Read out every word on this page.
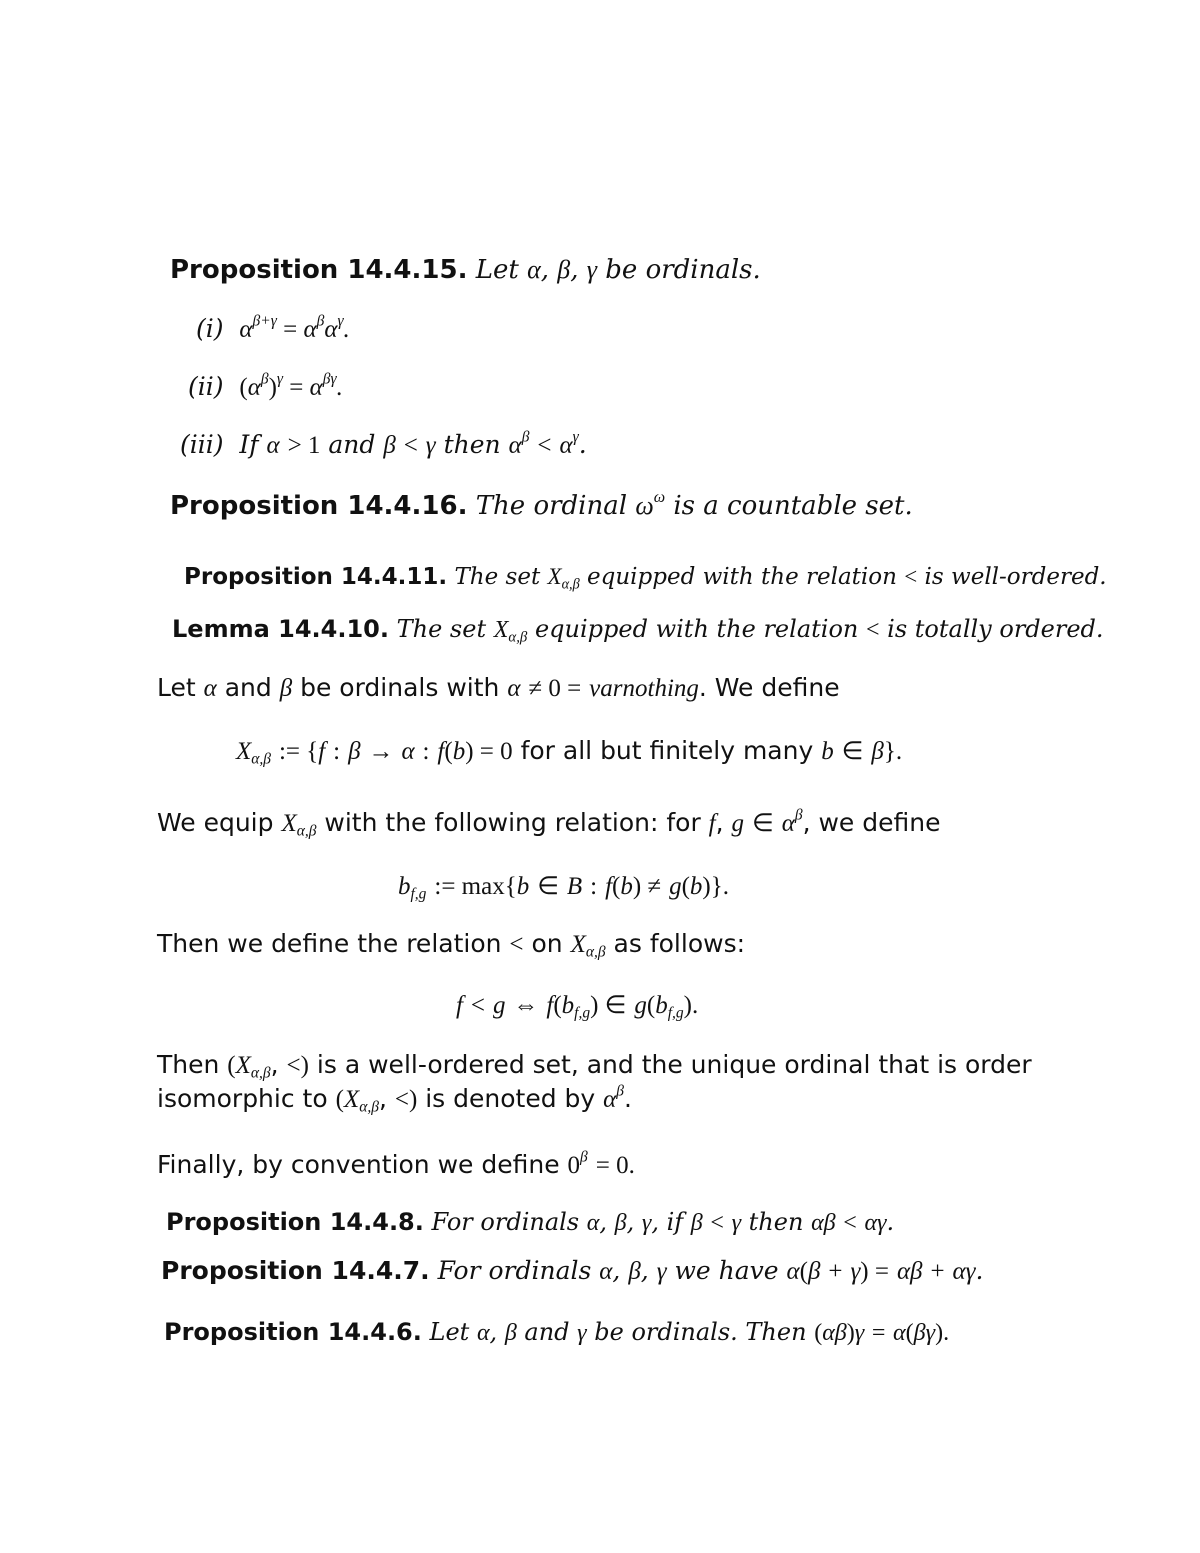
Proposition 14.4.15. Let α, β, γ be ordinals.
(i) $\alpha^{\beta+\gamma} = \alpha^\beta\alpha^\gamma$.
(ii) $(\alpha^\beta)^\gamma = \alpha^{\beta\gamma}$.
(iii) If α > 1 and β < γ then $\alpha^\beta < \alpha^\gamma$.
Proposition 14.4.16. The ordinal $\omega^\omega$ is a countable set.
Proposition 14.4.11. The set $X_{\alpha,\beta}$ equipped with the relation < is well-ordered.
Lemma 14.4.10. The set $X_{\alpha,\beta}$ equipped with the relation < is totally ordered.
Let α and β be ordinals with α ≠ 0 = varnothing. We define
$X_{\alpha,\beta}$ := {f : β → α : f(b) = 0 for all but finitely many b ∈ β}.
We equip $X_{\alpha,\beta}$ with the following relation: for f, g ∈ $\alpha^\beta$, we define
$b_{f,g}$ := max{b ∈ B : f(b) ≠ g(b)}.
Then we define the relation < on $X_{\alpha,\beta}$ as follows:
f < g ⇔ $f(b_{f,g})$ ∈ $g(b_{f,g})$.
Then ($X_{\alpha,\beta}$, <) is a well-ordered set, and the unique ordinal that is order
isomorphic to ($X_{\alpha,\beta}$, <) is denoted by $\alpha^\beta$.
Finally, by convention we define $0^\beta = 0$.
Proposition 14.4.8. For ordinals α, β, γ, if β < γ then αβ < αγ.
Proposition 14.4.7. For ordinals α, β, γ we have α(β + γ) = αβ + αγ.
Proposition 14.4.6. Let α, β and γ be ordinals. Then (αβ)γ = α(βγ).
